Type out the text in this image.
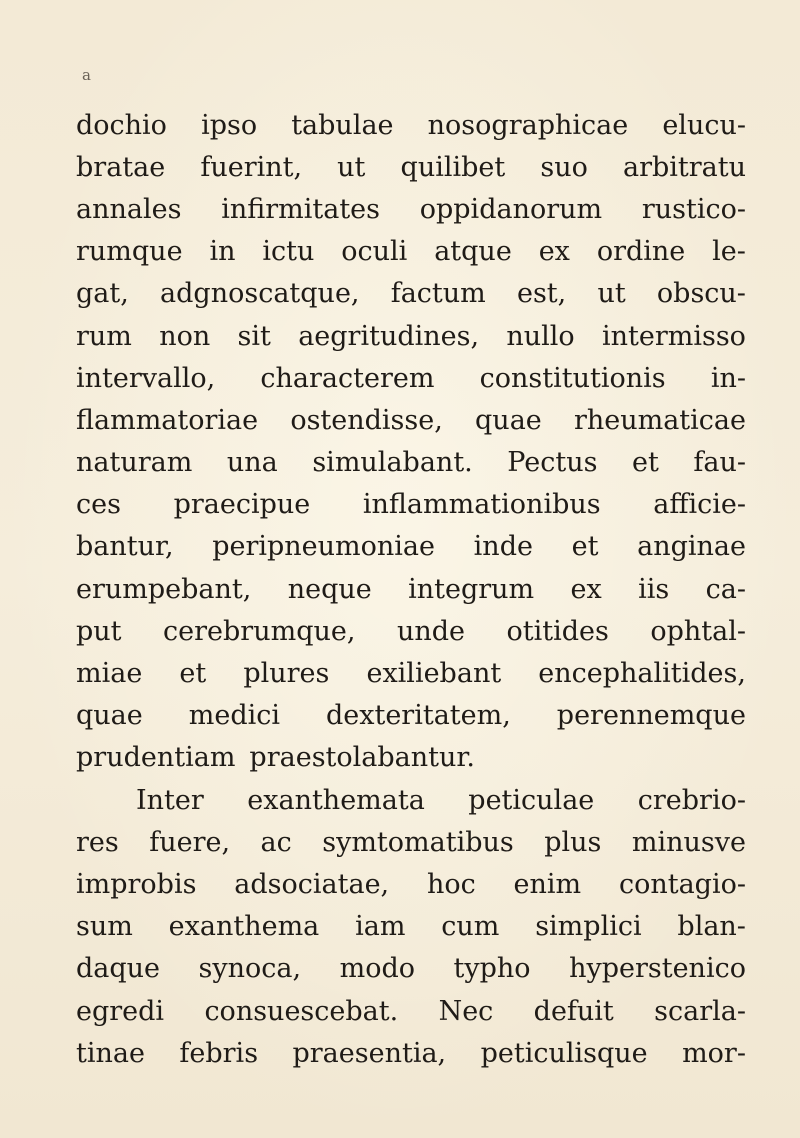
a
dochio ipso tabulae nosographicae elucu-
bratae fuerint, ut quilibet suo arbitratu
annales infirmitates oppidanorum rustico-
rumque in ictu oculi atque ex ordine le-
gat, adgnoscatque, factum est, ut obscu-
rum non sit aegritudines, nullo intermisso
intervallo, characterem constitutionis in-
flammatoriae ostendisse, quae rheumaticae
naturam una simulabant. Pectus et fau-
ces praecipue inflammationibus afficie-
bantur, peripneumoniae inde et anginae
erumpebant, neque integrum ex iis ca-
put cerebrumque, unde otitides ophtal-
miae et plures exiliebant encephalitides,
quae medici dexteritatem, perennemque
prudentiam praestolabantur.
Inter exanthemata peticulae crebrio-
res fuere, ac symtomatibus plus minusve
improbis adsociatae, hoc enim contagio-
sum exanthema iam cum simplici blan-
daque synoca, modo typho hyperstenico
egredi consuescebat. Nec defuit scarla-
tinae febris praesentia, peticulisque mor-
